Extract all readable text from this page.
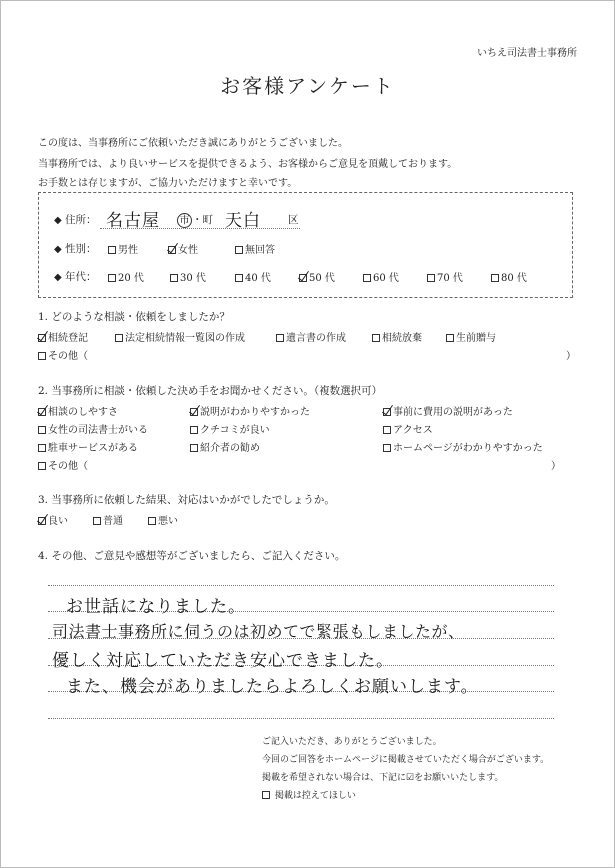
いちえ司法書士事務所
お客様アンケート
この度は、当事務所にご依頼いただき誠にありがとうございました。
当事務所では、より良いサービスを提供できるよう、お客様からご意見を頂戴しております。
お手数とは存じますが、ご協力いただけますと幸いです。
◆ 住所： 名古屋 市 ・町 天白	区
◆ 性別：	男性	女性	無回答
◆ 年代：	20 代	30 代	40 代	50 代	60 代	70 代	80 代
1. どのような相談・依頼をしましたか？
相続登記	法定相続情報一覧図の作成	遺言書の作成	相続放棄	生前贈与
その他（	）
2. 当事務所に相談・依頼した決め手をお聞かせください。（複数選択可）
相談のしやすさ	説明がわかりやすかった	事前に費用の説明があった
女性の司法書士がいる	クチコミが良い	アクセス
駐車サービスがある	紹介者の勧め	ホームページがわかりやすかった
その他（	）
3. 当事務所に依頼した結果、対応はいかがでしたでしょうか。
良い	普通	悪い
4. その他、ご意見や感想等がございましたら、ご記入ください。
お世話になりました。
司法書士事務所に伺うのは初めてで緊張もしましたが、
優しく対応していただき安心できました。
また、機会がありましたらよろしくお願いします。
ご記入いただき、ありがとうございました。
今回のご回答をホームページに掲載させていただく場合がございます。
掲載を希望されない場合は、下記に☑をお願いいたします。
掲載は控えてほしい
